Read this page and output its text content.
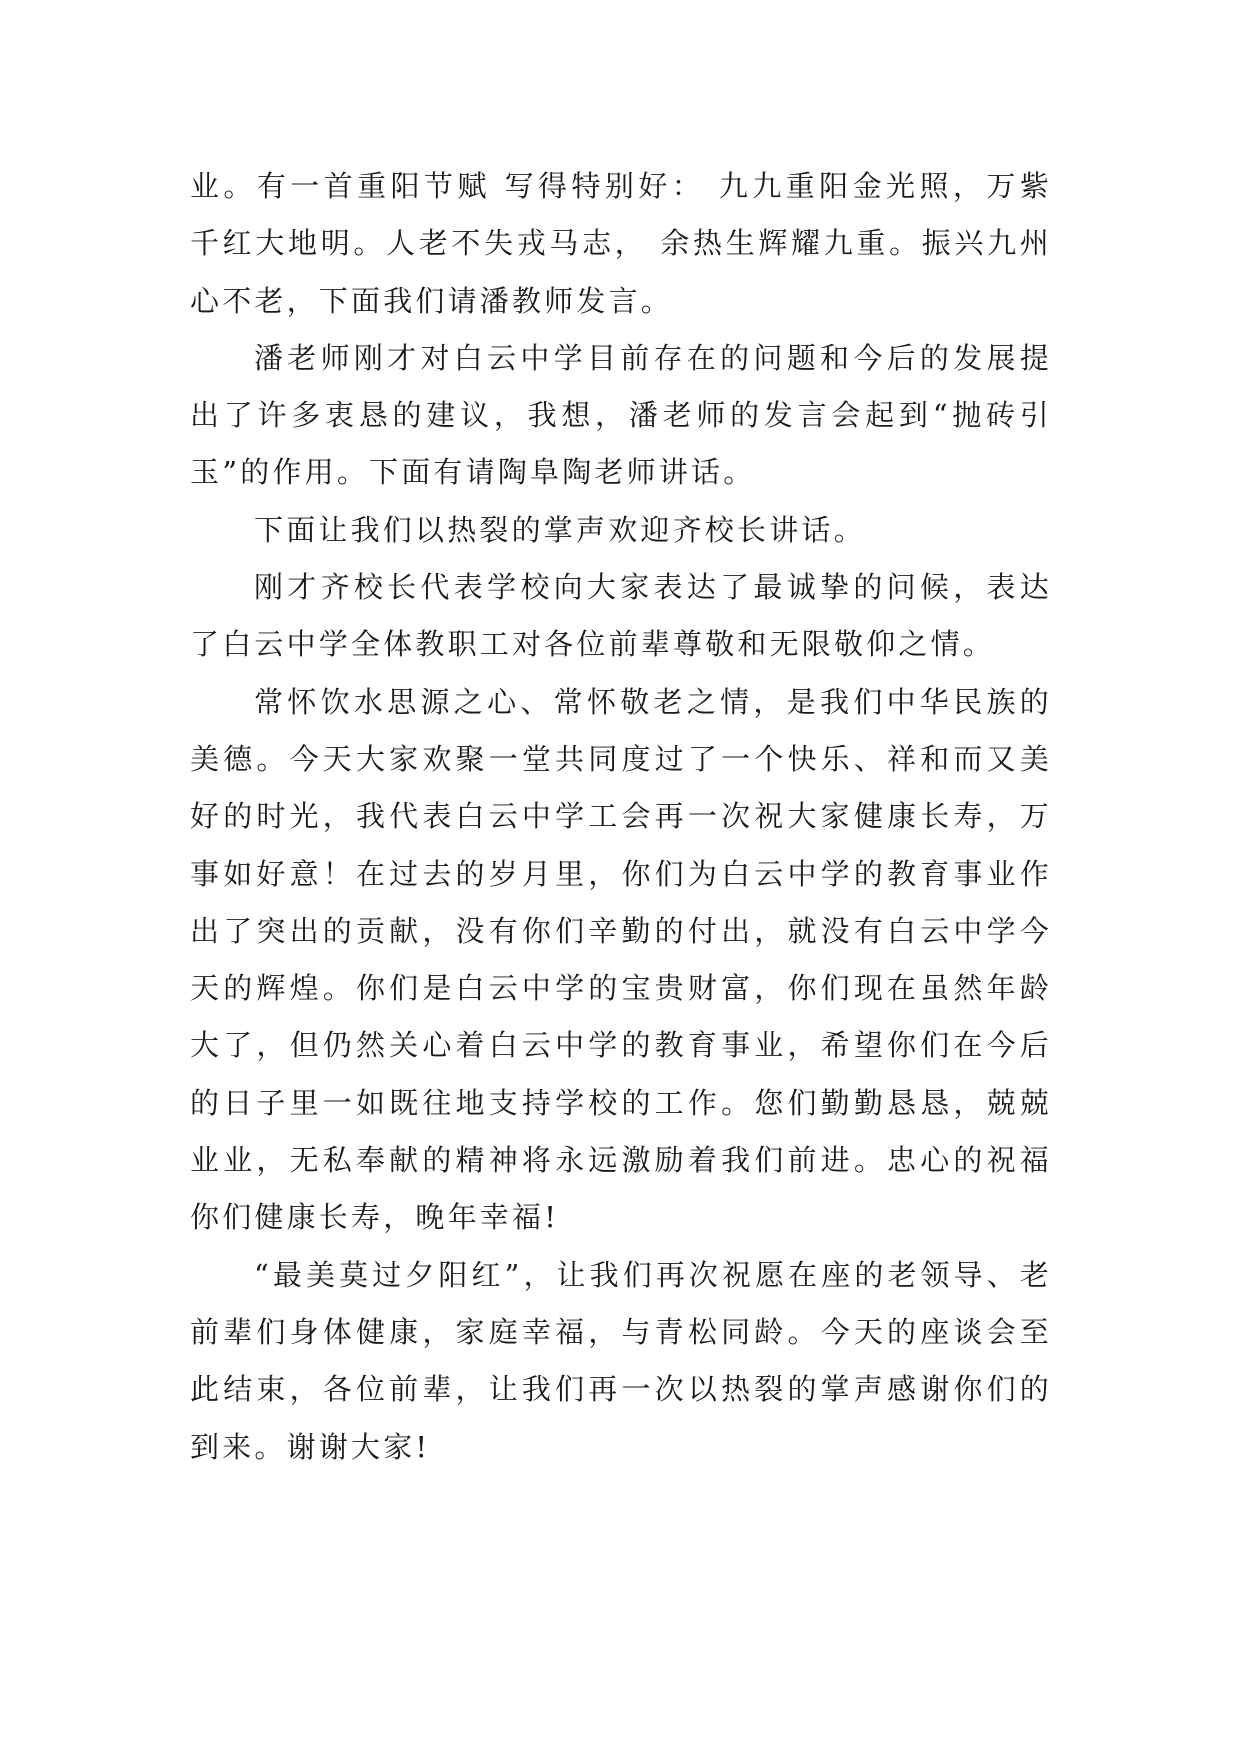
业。有一首重阳节赋 写得特别好： 九九重阳金光照，万紫千红大地明。人老不失戎马志， 余热生辉耀九重。振兴九州心不老，下面我们请潘教师发言。

潘老师刚才对白云中学目前存在的问题和今后的发展提出了许多衷恳的建议，我想，潘老师的发言会起到“抛砖引玉”的作用。下面有请陶阜陶老师讲话。

下面让我们以热裂的掌声欢迎齐校长讲话。

刚才齐校长代表学校向大家表达了最诚挚的问候，表达了白云中学全体教职工对各位前辈尊敬和无限敬仰之情。

常怀饮水思源之心、常怀敬老之情，是我们中华民族的美德。今天大家欢聚一堂共同度过了一个快乐、祥和而又美好的时光，我代表白云中学工会再一次祝大家健康长寿，万事如好意！在过去的岁月里，你们为白云中学的教育事业作出了突出的贡献，没有你们辛勤的付出，就没有白云中学今天的辉煌。你们是白云中学的宝贵财富，你们现在虽然年龄大了，但仍然关心着白云中学的教育事业，希望你们在今后的日子里一如既往地支持学校的工作。您们勤勤恳恳，兢兢业业，无私奉献的精神将永远激励着我们前进。忠心的祝福你们健康长寿，晚年幸福!

“最美莫过夕阳红”，让我们再次祝愿在座的老领导、老前辈们身体健康，家庭幸福，与青松同龄。今天的座谈会至此结束，各位前辈，让我们再一次以热裂的掌声感谢你们的到来。谢谢大家!
